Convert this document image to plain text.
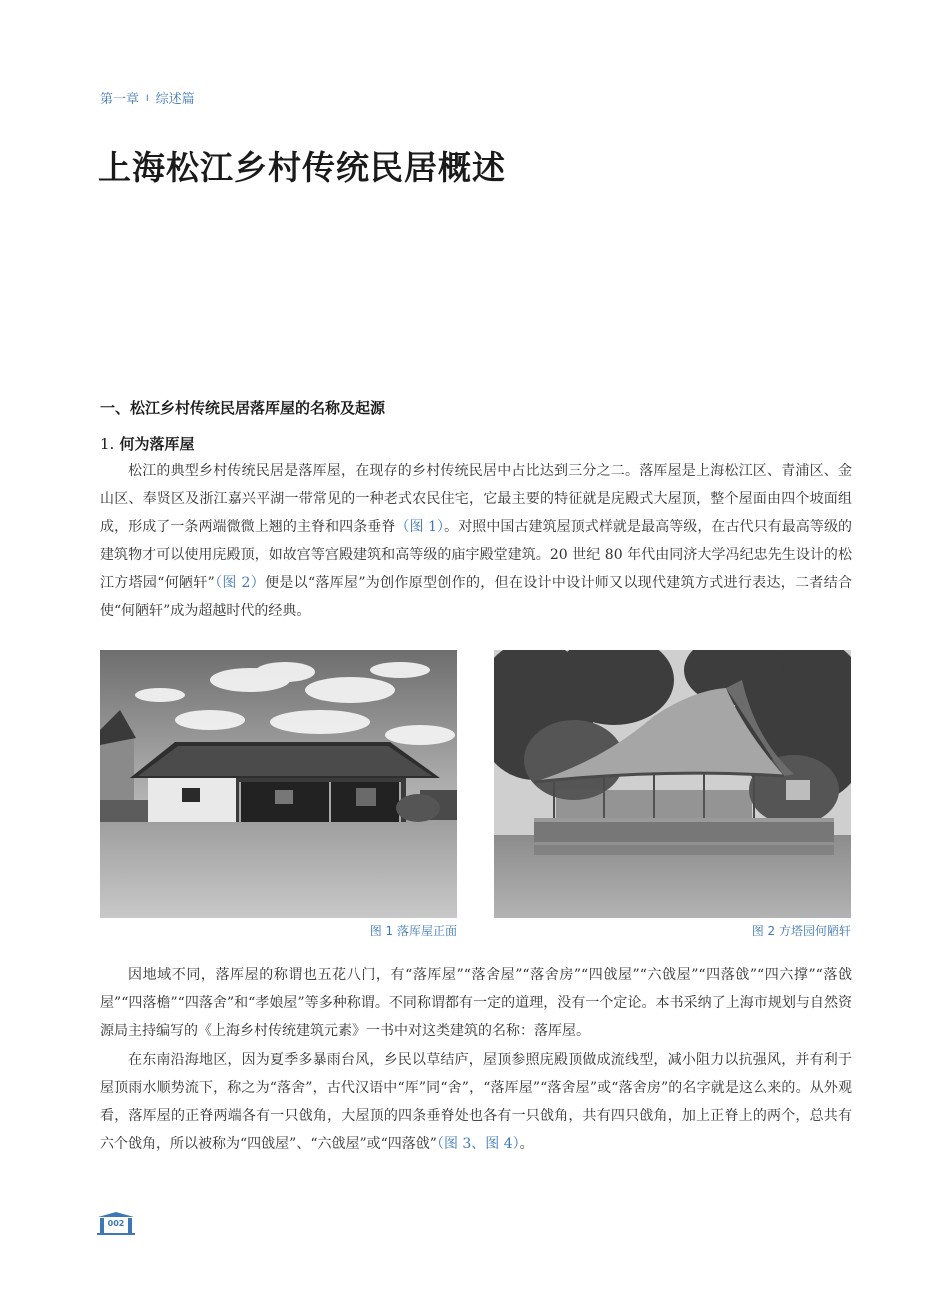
第一章 I 综述篇
上海松江乡村传统民居概述
一、松江乡村传统民居落厍屋的名称及起源
1. 何为落厍屋

松江的典型乡村传统民居是落厍屋，在现存的乡村传统民居中占比达到三分之二。落厍屋是上海松江区、青浦区、金山区、奉贤区及浙江嘉兴平湖一带常见的一种老式农民住宅，它最主要的特征就是庑殿式大屋顶，整个屋面由四个坡面组成，形成了一条两端微微上翘的主脊和四条垂脊（图 1）。对照中国古建筑屋顶式样就是最高等级，在古代只有最高等级的建筑物才可以使用庑殿顶，如故宫等宫殿建筑和高等级的庙宇殿堂建筑。20 世纪 80 年代由同济大学冯纪忠先生设计的松江方塔园“何陋轩”（图 2）便是以“落厍屋”为创作原型创作的，但在设计中设计师又以现代建筑方式进行表达，二者结合使“何陋轩”成为超越时代的经典。

图 1 落厍屋正面	图 2 方塔园何陋轩

因地域不同，落厍屋的称谓也五花八门，有“落厍屋”“落舍屋”“落舍房”“四戗屋”“六戗屋”“四落戗”“四六撑”“落戗屋”“四落檐”“四落舍”和“孝娘屋”等多种称谓。不同称谓都有一定的道理，没有一个定论。本书采纳了上海市规划与自然资源局主持编写的《上海乡村传统建筑元素》一书中对这类建筑的名称：落厍屋。

在东南沿海地区，因为夏季多暴雨台风，乡民以草结庐，屋顶参照庑殿顶做成流线型，减小阻力以抗强风，并有利于屋顶雨水顺势流下，称之为“落舍”，古代汉语中“厍”同“舍”，“落厍屋”“落舍屋”或“落舍房”的名字就是这么来的。从外观看，落厍屋的正脊两端各有一只戗角，大屋顶的四条垂脊处也各有一只戗角，共有四只戗角，加上正脊上的两个，总共有六个戗角，所以被称为“四戗屋”、“六戗屋”或“四落戗”（图 3、图 4）。

002
